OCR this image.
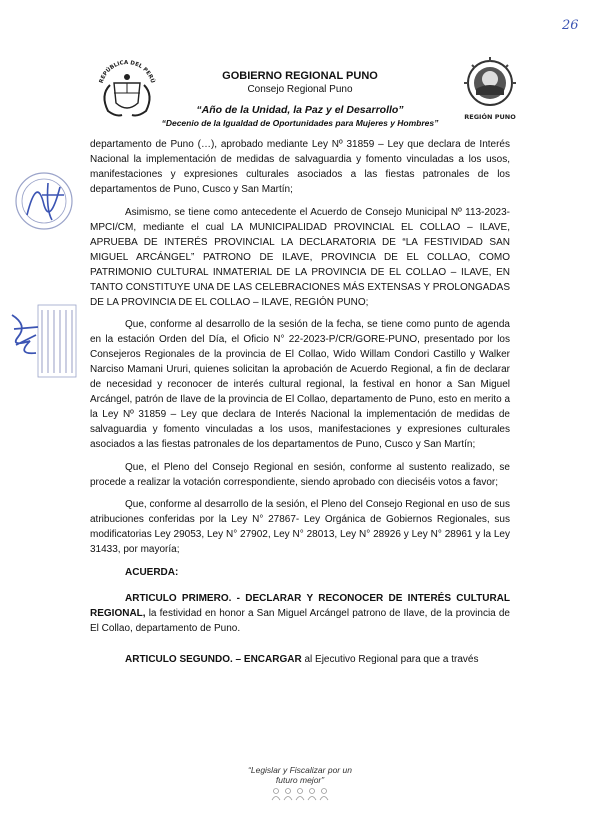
26
REPÚBLICA DEL PERÚ
REGIÓN PUNO
GOBIERNO REGIONAL PUNO
Consejo Regional Puno
“Año de la Unidad, la Paz y el Desarrollo”
“Decenio de la Igualdad de Oportunidades para Mujeres y Hombres”

departamento de Puno (…), aprobado mediante Ley Nº 31859 – Ley que declara de Interés Nacional la implementación de medidas de salvaguardia y fomento vinculadas a los usos, manifestaciones y expresiones culturales asociados a las fiestas patronales de los departamentos de Puno, Cusco y San Martín;

Asimismo, se tiene como antecedente el Acuerdo de Consejo Municipal Nº 113-2023-MPCI/CM, mediante el cual LA MUNICIPALIDAD PROVINCIAL EL COLLAO – ILAVE, APRUEBA DE INTERÉS PROVINCIAL LA DECLARATORIA DE “LA FESTIVIDAD SAN MIGUEL ARCÁNGEL” PATRONO DE ILAVE, PROVINCIA DE EL COLLAO, COMO PATRIMONIO CULTURAL INMATERIAL DE LA PROVINCIA DE EL COLLAO – ILAVE, EN TANTO CONSTITUYE UNA DE LAS CELEBRACIONES MÁS EXTENSAS Y PROLONGADAS DE LA PROVINCIA DE EL COLLAO – ILAVE, REGIÓN PUNO;

Que, conforme al desarrollo de la sesión de la fecha, se tiene como punto de agenda en la estación Orden del Día, el Oficio N° 22-2023-P/CR/GORE-PUNO, presentado por los Consejeros Regionales de la provincia de El Collao, Wido Willam Condori Castillo y Walker Narciso Mamani Ururi, quienes solicitan la aprobación de Acuerdo Regional, a fin de declarar de necesidad y reconocer de interés cultural regional, la festival en honor a San Miguel Arcángel, patrón de Ilave de la provincia de El Collao, departamento de Puno, esto en merito a la Ley Nº 31859 – Ley que declara de Interés Nacional la implementación de medidas de salvaguardia y fomento vinculadas a los usos, manifestaciones y expresiones culturales asociados a las fiestas patronales de los departamentos de Puno, Cusco y San Martín;

Que, el Pleno del Consejo Regional en sesión, conforme al sustento realizado, se procede a realizar la votación correspondiente, siendo aprobado con dieciséis votos a favor;

Que, conforme al desarrollo de la sesión, el Pleno del Consejo Regional en uso de sus atribuciones conferidas por la Ley N° 27867- Ley Orgánica de Gobiernos Regionales, sus modificatorias Ley 29053, Ley N° 27902, Ley N° 28013, Ley N° 28926 y Ley N° 28961 y la Ley 31433, por mayoría;

ACUERDA:

ARTICULO PRIMERO. - DECLARAR Y RECONOCER DE INTERÉS CULTURAL REGIONAL, la festividad en honor a San Miguel Arcángel patrono de Ilave, de la provincia de El Collao, departamento de Puno.

ARTICULO SEGUNDO. – ENCARGAR al Ejecutivo Regional para que a través

“Legislar y Fiscalizar por un
futuro mejor”
